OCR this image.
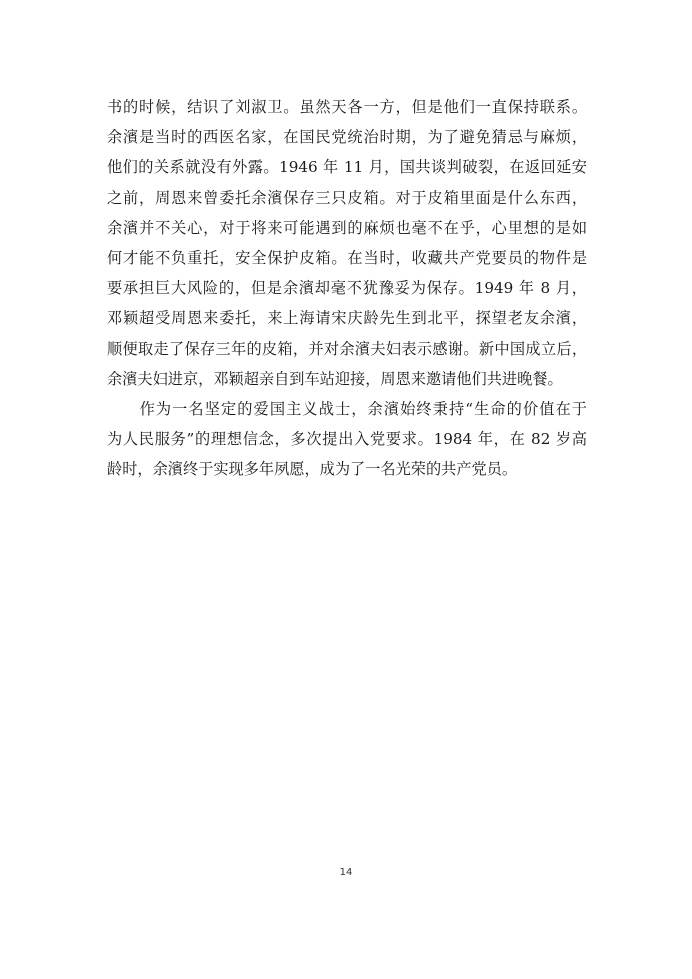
书的时候，结识了刘淑卫。虽然天各一方，但是他们一直保持联系。
余濱是当时的西医名家，在国民党统治时期，为了避免猜忌与麻烦，
他们的关系就没有外露。1946 年 11 月，国共谈判破裂，在返回延安
之前，周恩来曾委托余濱保存三只皮箱。对于皮箱里面是什么东西，
余濱并不关心，对于将来可能遇到的麻烦也毫不在乎，心里想的是如
何才能不负重托，安全保护皮箱。在当时，收藏共产党要员的物件是
要承担巨大风险的，但是余濱却毫不犹豫妥为保存。1949 年 8 月，
邓颖超受周恩来委托，来上海请宋庆龄先生到北平，探望老友余濱，
顺便取走了保存三年的皮箱，并对余濱夫妇表示感谢。新中国成立后，
余濱夫妇进京，邓颖超亲自到车站迎接，周恩来邀请他们共进晚餐。
　　作为一名坚定的爱国主义战士，余濱始终秉持“生命的价值在于
为人民服务”的理想信念，多次提出入党要求。1984 年，在 82 岁高
龄时，余濱终于实现多年夙愿，成为了一名光荣的共产党员。
14
